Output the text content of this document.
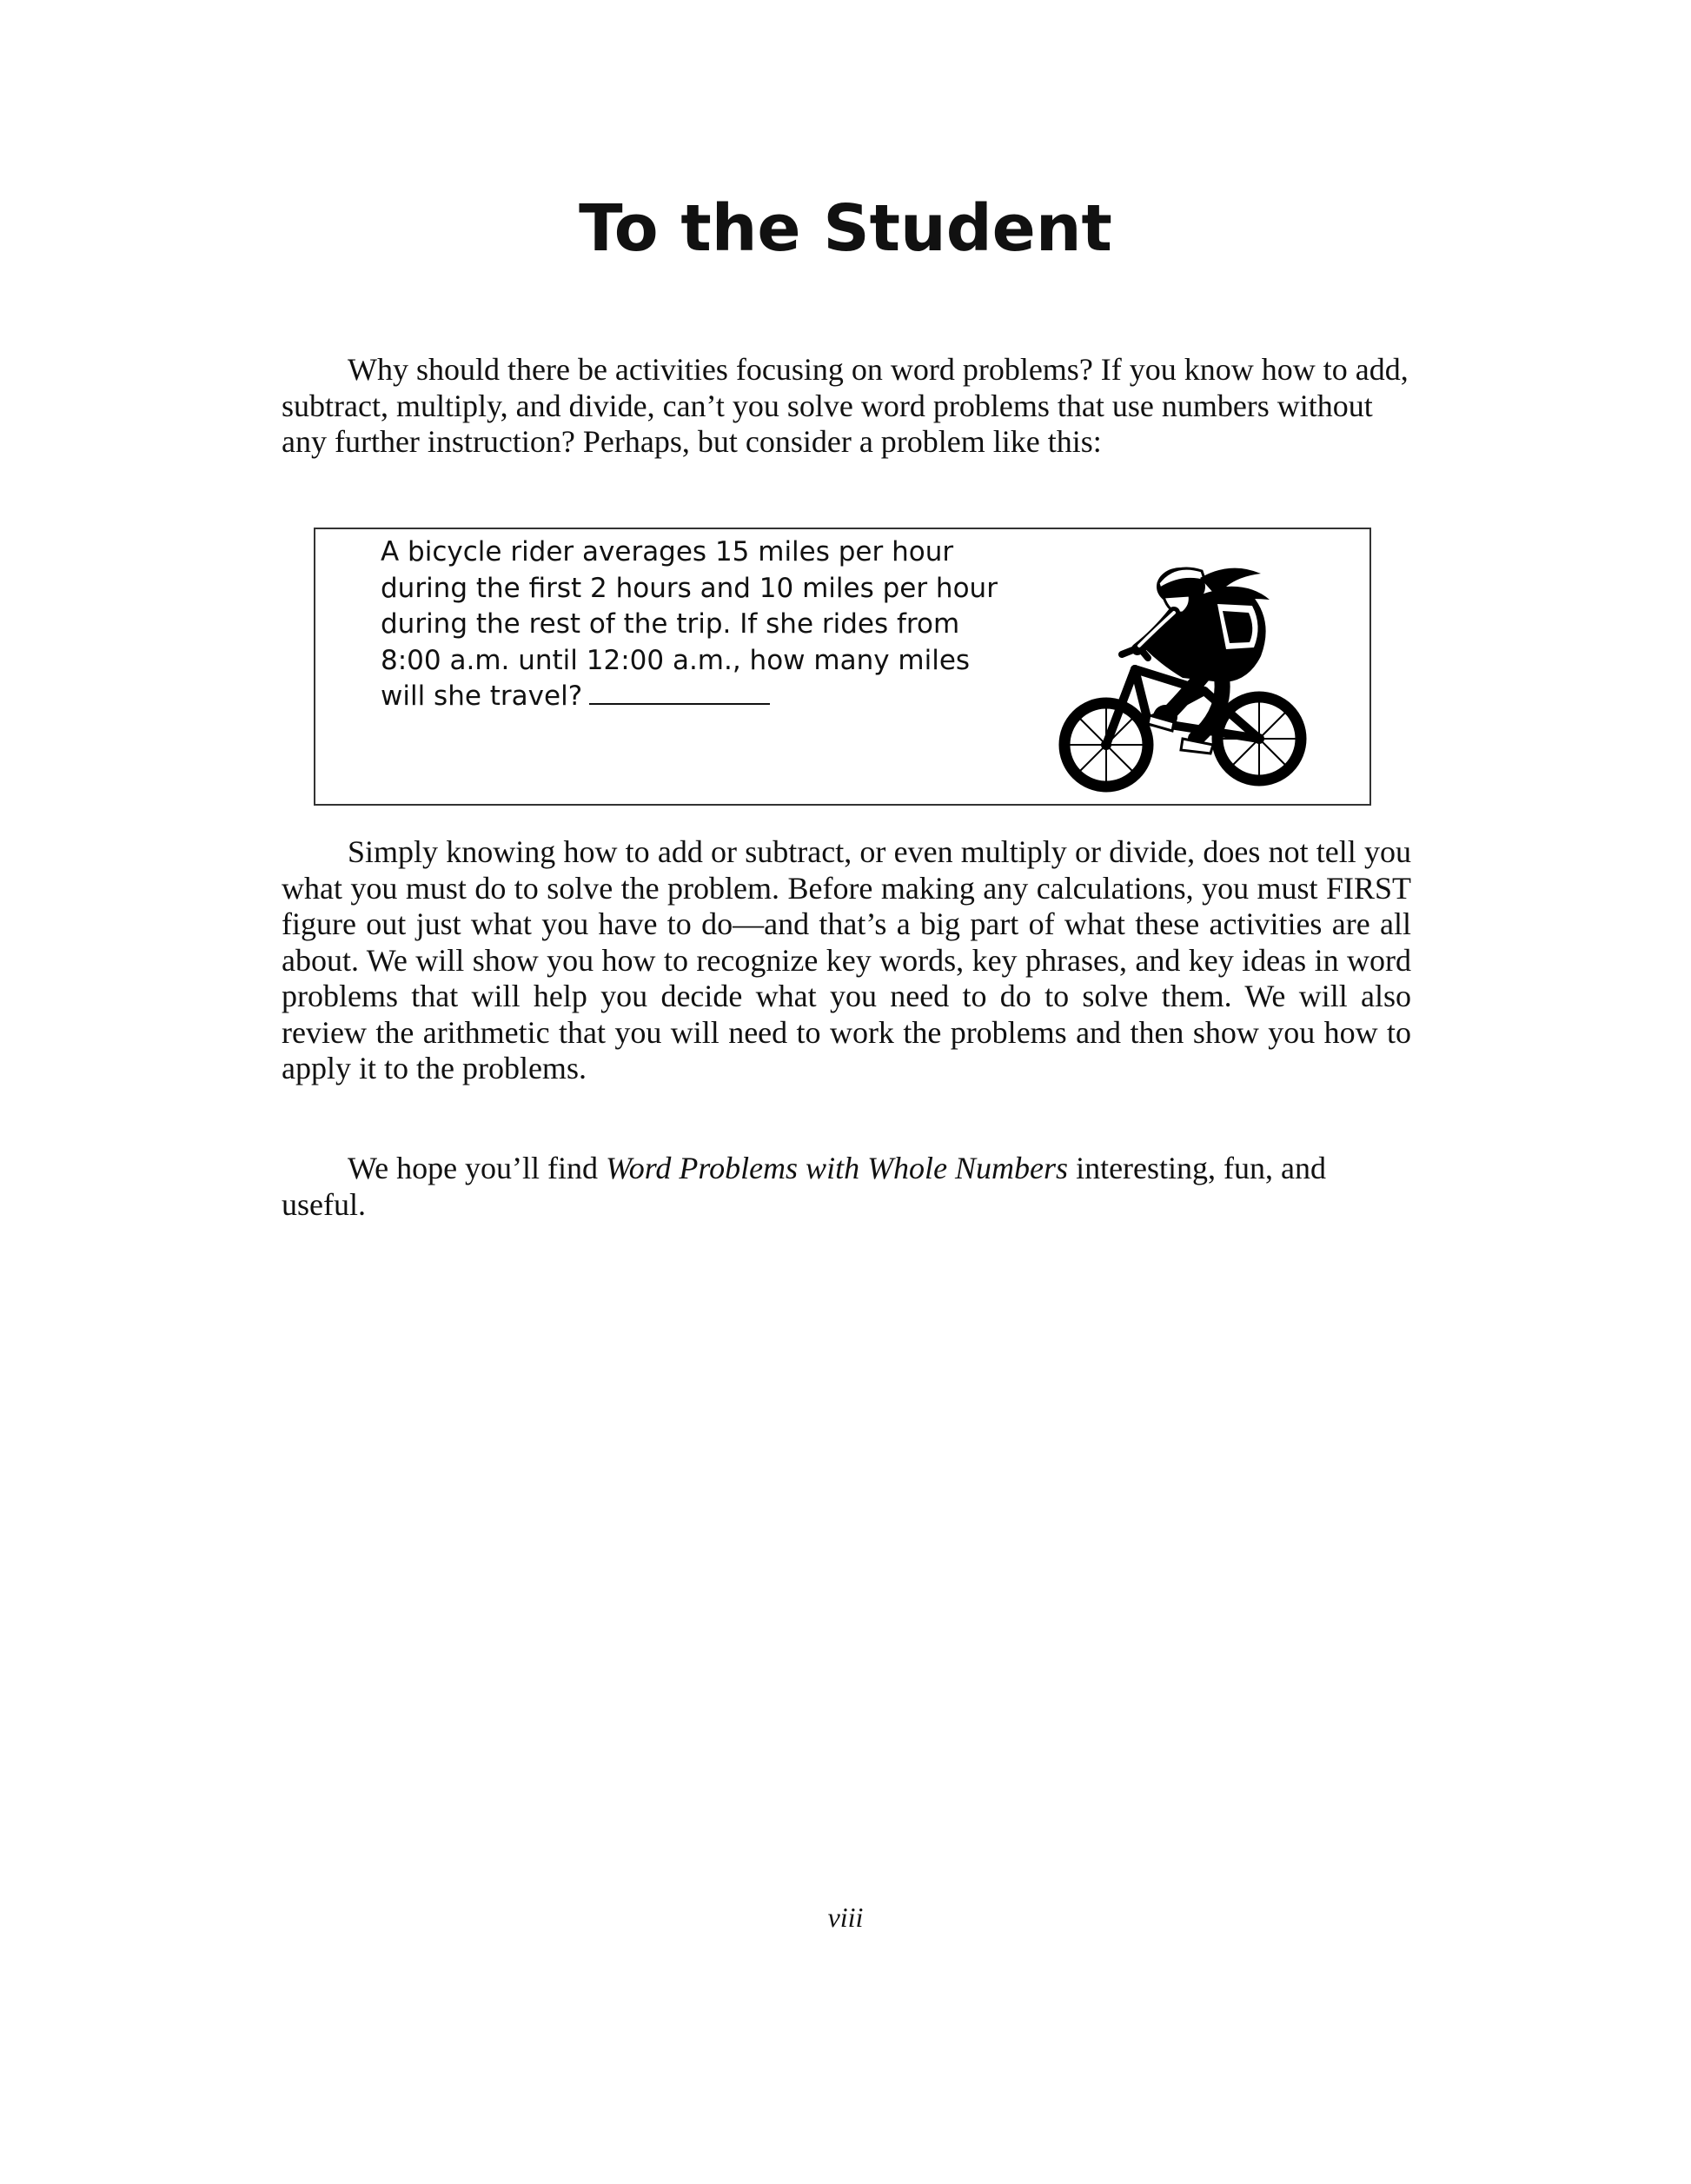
To the Student

Why should there be activities focusing on word problems? If you know how to add, subtract, multiply, and divide, can’t you solve word problems that use numbers without any further instruction? Perhaps, but consider a problem like this:

A bicycle rider averages 15 miles per hour during the first 2 hours and 10 miles per hour during the rest of the trip. If she rides from 8:00 a.m. until 12:00 a.m., how many miles will she travel?

Simply knowing how to add or subtract, or even multiply or divide, does not tell you what you must do to solve the problem. Before making any calculations, you must FIRST figure out just what you have to do—and that’s a big part of what these activities are all about. We will show you how to recognize key words, key phrases, and key ideas in word problems that will help you decide what you need to do to solve them. We will also review the arithmetic that you will need to work the problems and then show you how to apply it to the problems.

We hope you’ll find Word Problems with Whole Numbers interesting, fun, and useful.

viii
